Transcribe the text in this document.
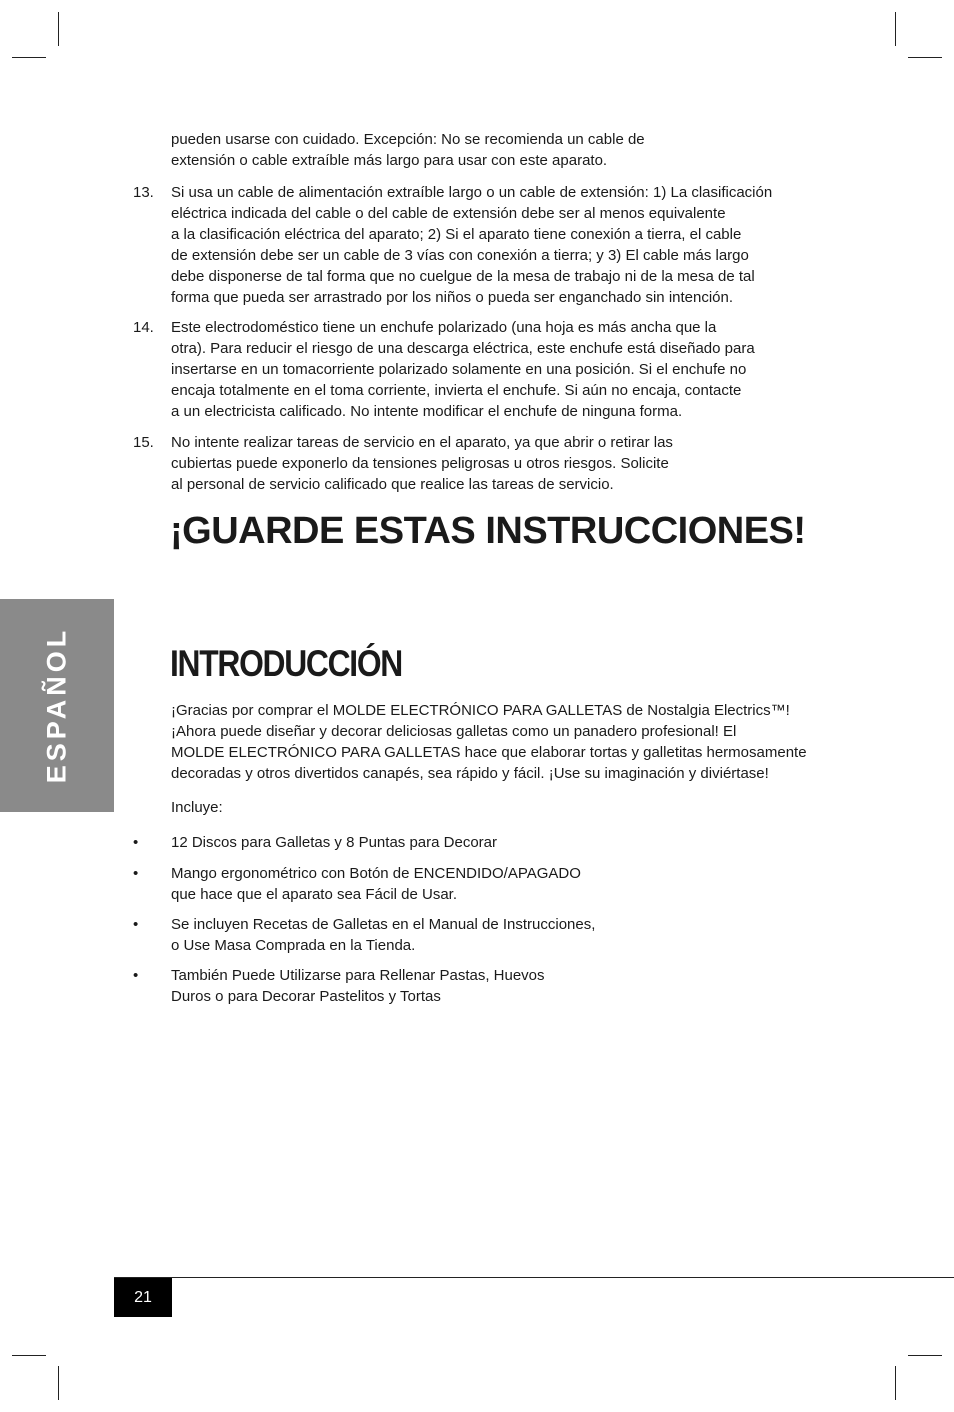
ESPAÑOL
pueden usarse con cuidado. Excepción: No se recomienda un cable de
extensión o cable extraíble más largo para usar con este aparato.
13. Si usa un cable de alimentación extraíble largo o un cable de extensión: 1) La clasificación
eléctrica indicada del cable o del cable de extensión debe ser al menos equivalente
a la clasificación eléctrica del aparato; 2) Si el aparato tiene conexión a tierra, el cable
de extensión debe ser un cable de 3 vías con conexión a tierra; y 3) El cable más largo
debe disponerse de tal forma que no cuelgue de la mesa de trabajo ni de la mesa de tal
forma que pueda ser arrastrado por los niños o pueda ser enganchado sin intención.
14. Este electrodoméstico tiene un enchufe polarizado (una hoja es más ancha que la
otra). Para reducir el riesgo de una descarga eléctrica, este enchufe está diseñado para
insertarse en un tomacorriente polarizado solamente en una posición. Si el enchufe no
encaja totalmente en el toma corriente, invierta el enchufe. Si aún no encaja, contacte
a un electricista calificado. No intente modificar el enchufe de ninguna forma.
15. No intente realizar tareas de servicio en el aparato, ya que abrir o retirar las
cubiertas puede exponerlo da tensiones peligrosas u otros riesgos. Solicite
al personal de servicio calificado que realice las tareas de servicio.
¡GUARDE ESTAS INSTRUCCIONES!
INTRODUCCIÓN
¡Gracias por comprar el MOLDE ELECTRÓNICO PARA GALLETAS de Nostalgia Electrics™!
¡Ahora puede diseñar y decorar deliciosas galletas como un panadero profesional! El
MOLDE ELECTRÓNICO PARA GALLETAS hace que elaborar tortas y galletitas hermosamente
decoradas y otros divertidos canapés, sea rápido y fácil. ¡Use su imaginación y diviértase!
Incluye:
• 12 Discos para Galletas y 8 Puntas para Decorar
• Mango ergonométrico con Botón de ENCENDIDO/APAGADO
que hace que el aparato sea Fácil de Usar.
• Se incluyen Recetas de Galletas en el Manual de Instrucciones,
o Use Masa Comprada en la Tienda.
• También Puede Utilizarse para Rellenar Pastas, Huevos
Duros o para Decorar Pastelitos y Tortas
21
